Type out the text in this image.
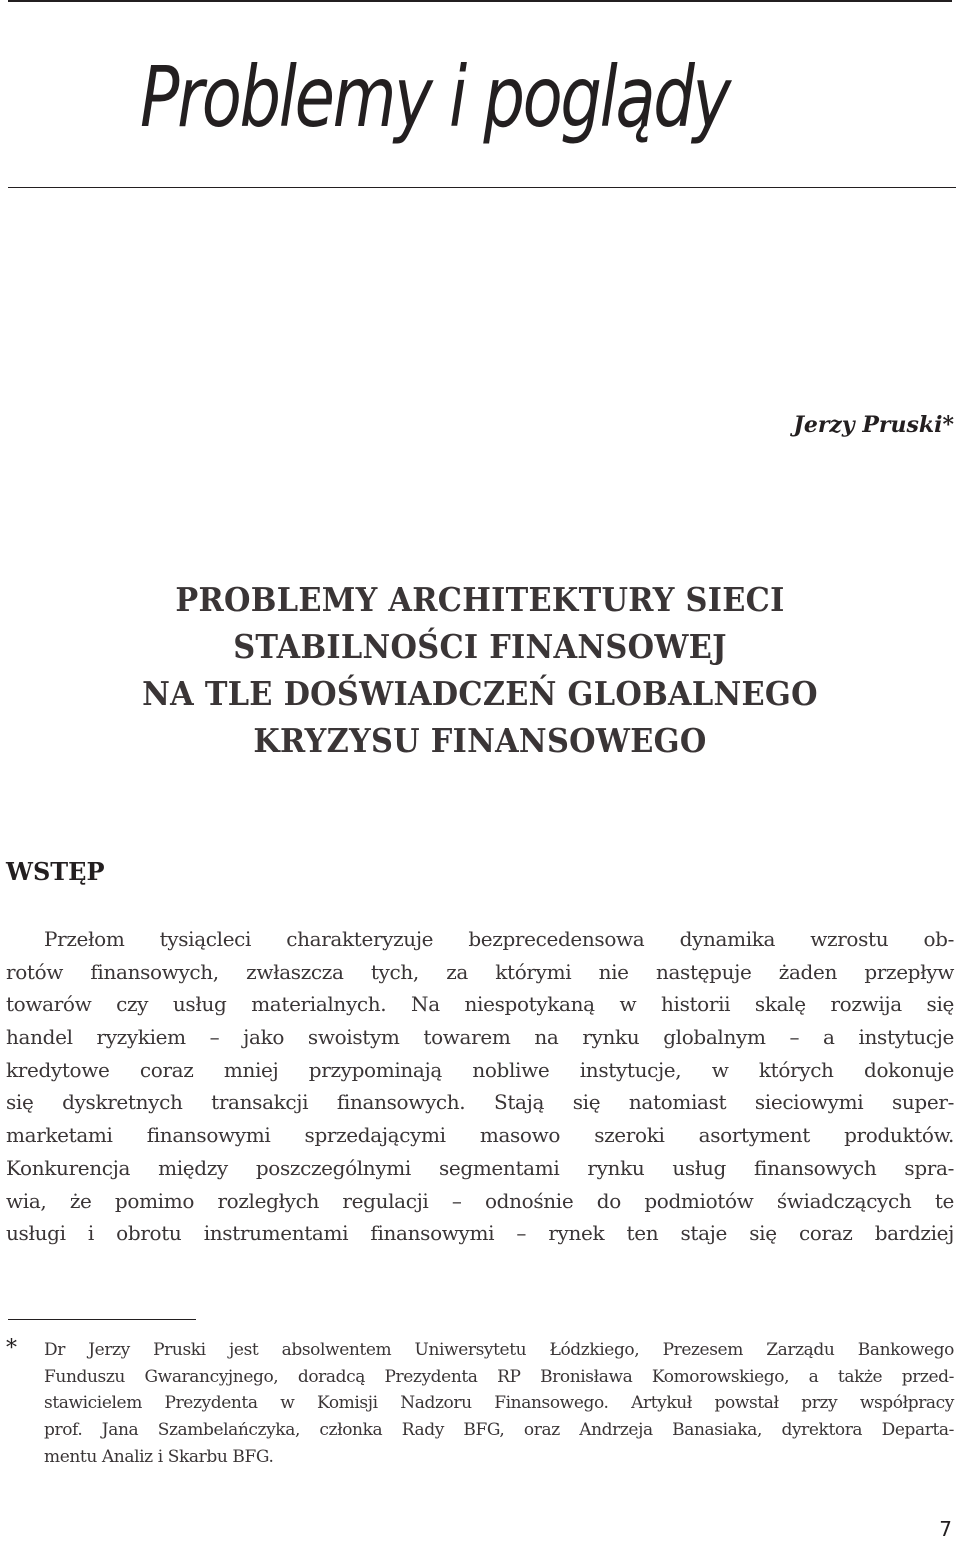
Problemy i poglądy
Jerzy Pruski*
PROBLEMY ARCHITEKTURY SIECI
STABILNOŚCI FINANSOWEJ
NA TLE DOŚWIADCZEŃ GLOBALNEGO
KRYZYSU FINANSOWEGO
WSTĘP
Przełom tysiącleci charakteryzuje bezprecedensowa dynamika wzrostu ob-
rotów finansowych, zwłaszcza tych, za którymi nie następuje żaden przepływ
towarów czy usług materialnych. Na niespotykaną w historii skalę rozwija się
handel ryzykiem – jako swoistym towarem na rynku globalnym – a instytucje
kredytowe coraz mniej przypominają nobliwe instytucje, w których dokonuje
się dyskretnych transakcji finansowych. Stają się natomiast sieciowymi super-
marketami finansowymi sprzedającymi masowo szeroki asortyment produktów.
Konkurencja między poszczególnymi segmentami rynku usług finansowych spra-
wia, że pomimo rozległych regulacji – odnośnie do podmiotów świadczących te
usługi i obrotu instrumentami finansowymi – rynek ten staje się coraz bardziej
* Dr Jerzy Pruski jest absolwentem Uniwersytetu Łódzkiego, Prezesem Zarządu Bankowego
Funduszu Gwarancyjnego, doradcą Prezydenta RP Bronisława Komorowskiego, a także przed-
stawicielem Prezydenta w Komisji Nadzoru Finansowego. Artykuł powstał przy współpracy
prof. Jana Szambelańczyka, członka Rady BFG, oraz Andrzeja Banasiaka, dyrektora Departa-
mentu Analiz i Skarbu BFG.
7
